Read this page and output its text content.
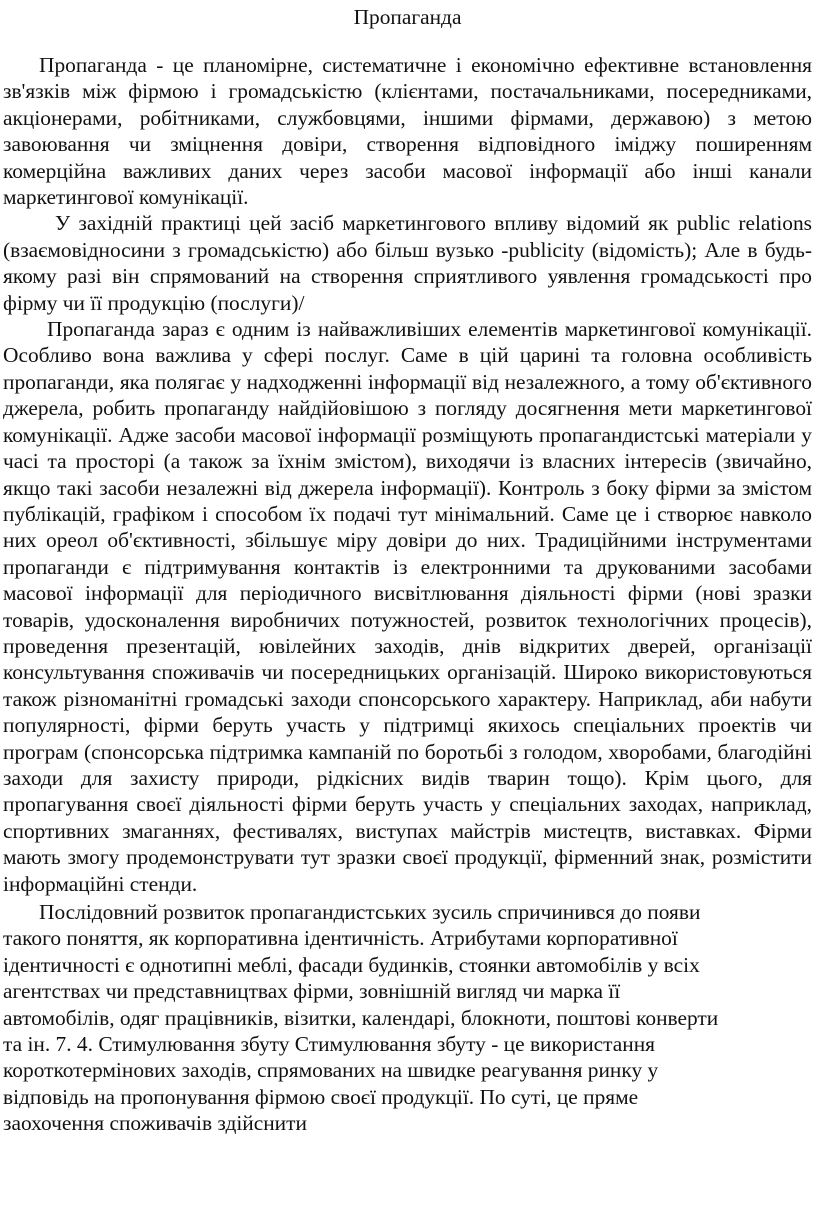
Пропаганда

Пропаганда - це планомірне, систематичне і економічно ефективне встановлення зв'язків між фірмою і громадськістю (клієнтами, постачальниками, посередниками, акціонерами, робітниками, службовцями, іншими фірмами, державою) з метою завоювання чи зміцнення довіри, створення відповідного іміджу поширенням комерційна важливих даних через засоби масової інформації або інші канали маркетингової комунікації.

У західній практиці цей засіб маркетингового впливу відомий як public relations (взаємовідносини з громадськістю) або більш вузько -publicity (відомість); Але в будь-якому разі він спрямований на створення сприятливого уявлення громадськості про фірму чи її продукцію (послуги)/

Пропаганда зараз є одним із найважливіших елементів маркетингової комунікації. Особливо вона важлива у сфері послуг. Саме в цій царині та головна особливість пропаганди, яка полягає у надходженні інформації від незалежного, а тому об'єктивного джерела, робить пропаганду найдійовішою з погляду досягнення мети маркетингової комунікації. Адже засоби масової інформації розміщують пропагандистські матеріали у часі та просторі (а також за їхнім змістом), виходячи із власних інтересів (звичайно, якщо такі засоби незалежні від джерела інформації). Контроль з боку фірми за змістом публікацій, графіком і способом їх подачі тут мінімальний. Саме це і створює навколо них ореол об'єктивності, збільшує міру довіри до них. Традиційними інструментами пропаганди є підтримування контактів із електронними та друкованими засобами масової інформації для періодичного висвітлювання діяльності фірми (нові зразки товарів, удосконалення виробничих потужностей, розвиток технологічних процесів), проведення презентацій, ювілейних заходів, днів відкритих дверей, організації консультування споживачів чи посередницьких організацій. Широко використовуються також різноманітні громадські заходи спонсорського характеру. Наприклад, аби набути популярності, фірми беруть участь у підтримці якихось спеціальних проектів чи програм (спонсорська підтримка кампаній по боротьбі з голодом, хворобами, благодійні заходи для захисту природи, рідкісних видів тварин тощо). Крім цього, для пропагування своєї діяльності фірми беруть участь у спеціальних заходах, наприклад, спортивних змаганнях, фестивалях, виступах майстрів мистецтв, виставках. Фірми мають змогу продемонструвати тут зразки своєї продукції, фірменний знак, розмістити інформаційні стенди.

Послідовний розвиток пропагандистських зусиль спричинився до появи
такого поняття, як корпоративна ідентичність. Атрибутами корпоративної
ідентичності є однотипні меблі, фасади будинків, стоянки автомобілів у всіх
агентствах чи представництвах фірми, зовнішній вигляд чи марка її
автомобілів, одяг працівників, візитки, календарі, блокноти, поштові конверти
та ін. 7. 4. Стимулювання збуту Стимулювання збуту - це використання
короткотермінових заходів, спрямованих на швидке реагування ринку у
відповідь на пропонування фірмою своєї продукції. По суті, це пряме
заохочення споживачів здійснити
